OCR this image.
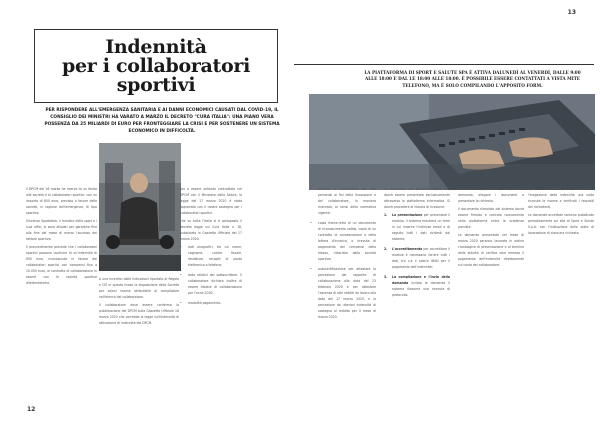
12
13
Indennità
per i collaboratori
sportivi
PER RISPONDERE ALL'EMERGENZA SANITARIA E AI DANNI ECONOMICI CAUSATI DAL COVID-19, IL CONSIGLIO DEI MINISTRI HA VARATO A MARZO IL DECRETO "CURA ITALIA": UNA PIANO VERA POSSENZA DA 25 MILIARDI DI EURO PER FRONTEGGIARE LA CRISI E PER SOSTENERE UN SISTEMA ECONOMICO IN DIFFICOLTÀ.
LA PIATTAFORMA DI SPORT E SALUTE SPA È ATTIVA DALUNEDÌ AL VENERDÌ, DALLE 9:00 ALLE 18:00 E DAL LE 18:00 ALLE 18:00. È POSSIBILE ESSERE CONTATTATI A VISTA MITE TELEFONO, MA È SOLO COMPILANDO L'APPOSITO FORM.

Il DPCM del 16 marzo ha riserva to un fondo alle società e ai collaboratori sportivi: con un importo di 600 euro, previsto a favore delle società, in ragione dell'emergenza, di tipo sportivo.

Vincenzo Spadafora, il ministro dello sport e i suoi uffici, si sono attivati per garantire fino alla fine del mese di marzo l'accesso del settore sportivo.

Il provvedimento prevede che i collaboratori sportivi possono usufruire di un'indennità di 600 euro, riconosciuta in favore dei collaboratori sportivi con compensi fino a 10.000 euro, al contratto di collaborazione in essere con le società sportive dilettantistiche.

A una incentivi dalle indicazioni riportato al Regolo e CEI in questo modo la disposizione della Società per azioni risorse atributibile al compilatore nell'elenco del collaboratore.

Il collaboratore deve essere conferma la pubblicazione del DPCM sulla Gazzetta Ufficiale 18 marzo 2020 che vorrebbe la legge sull'indennità di attivazione di indennità del DPCM.

per a essere soltanto contrattato nel DPCM con il Ministero della Salute, la legge del 17 marzo 2020 è stata approvata con il nostro sostegno per i collaboratori sportivi.

che su tutta l'Italia si è sottoposto il decreto legge sul Cura Italia n. 18, pubblicato in Gazzetta Ufficiale del 17 marzo 2020.

• dati anagrafici, tra cui nome, cognome, codice fiscale, residenza, recapiti di posta elettronica o telefono;
• data relativi dal sottoscrittore. Il collaboratore dichiara inoltre di essere titolare di collaborazione per l'anno 2020;
• modalità pagamento.
• accesso al trattamento dei dati personali ai fini della riscossione e del collaboratore, in maniera riservata, ai sensi della normativa vigente;
• copia fronte-retro di un documento di riconoscimento valido, copia di un contratto di collaborazione o della lettera d'incarico, o ricevuta di pagamento dei compensi della stessa, rilasciata dalla società sportiva;
• autocertificazione per attestare la percezione del rapporto di collaborazione alla data del 23 febbraio 2020 e per attestare l'assenza di altri redditi da lavoro alla data del 17 marzo 2020, e la percezione da ulteriori indennità di sostegno al reddito per il mese di marzo 2020.

La domanda, che prevede cinque fasi, dovrà essere presentata esclusivamente attraverso la piattaforma informatica. Si dovrà procedere al rilascio di ricezione:

1. La presentazione per presentare il modulo, il sistema mostrerà un form in cui inserire l'indirizzo email e di seguito tutti i dati richiesti dal sistema;
2. L'accreditamento per accreditare il modulo è necessario fornire tutti i dati, tra cui il codice IBAN per il pagamento dell'indennità;
3. La compilazione e l'invio della domanda inviata la domanda il sistema rilascerà una ricevuta di protocollo.

accedere alla piattaforma, compilare la domanda, allegare i documenti e presentare la richiesta.

Il documento rilasciato dal sistema dovrà essere firmato e caricato nuovamente nella piattaforma entro le scadenze previste.

Le domande presentate nel mese di marzo 2020 saranno lavorate in ordine cronologico di presentazione e al termine delle attività di verifica sarà emesso il pagamento dell'indennità direttamente sul conto del collaboratore.

Sport e Salute S.p.A. procede con l'erogazione delle indennità una volta ricevute le risorse e verificati i requisiti dei richiedenti.

Le domande accettate saranno pubblicate periodicamente sul sito di Sport e Salute S.p.A. con l'indicazione dello stato di lavorazione di ciascuna richiesta.
